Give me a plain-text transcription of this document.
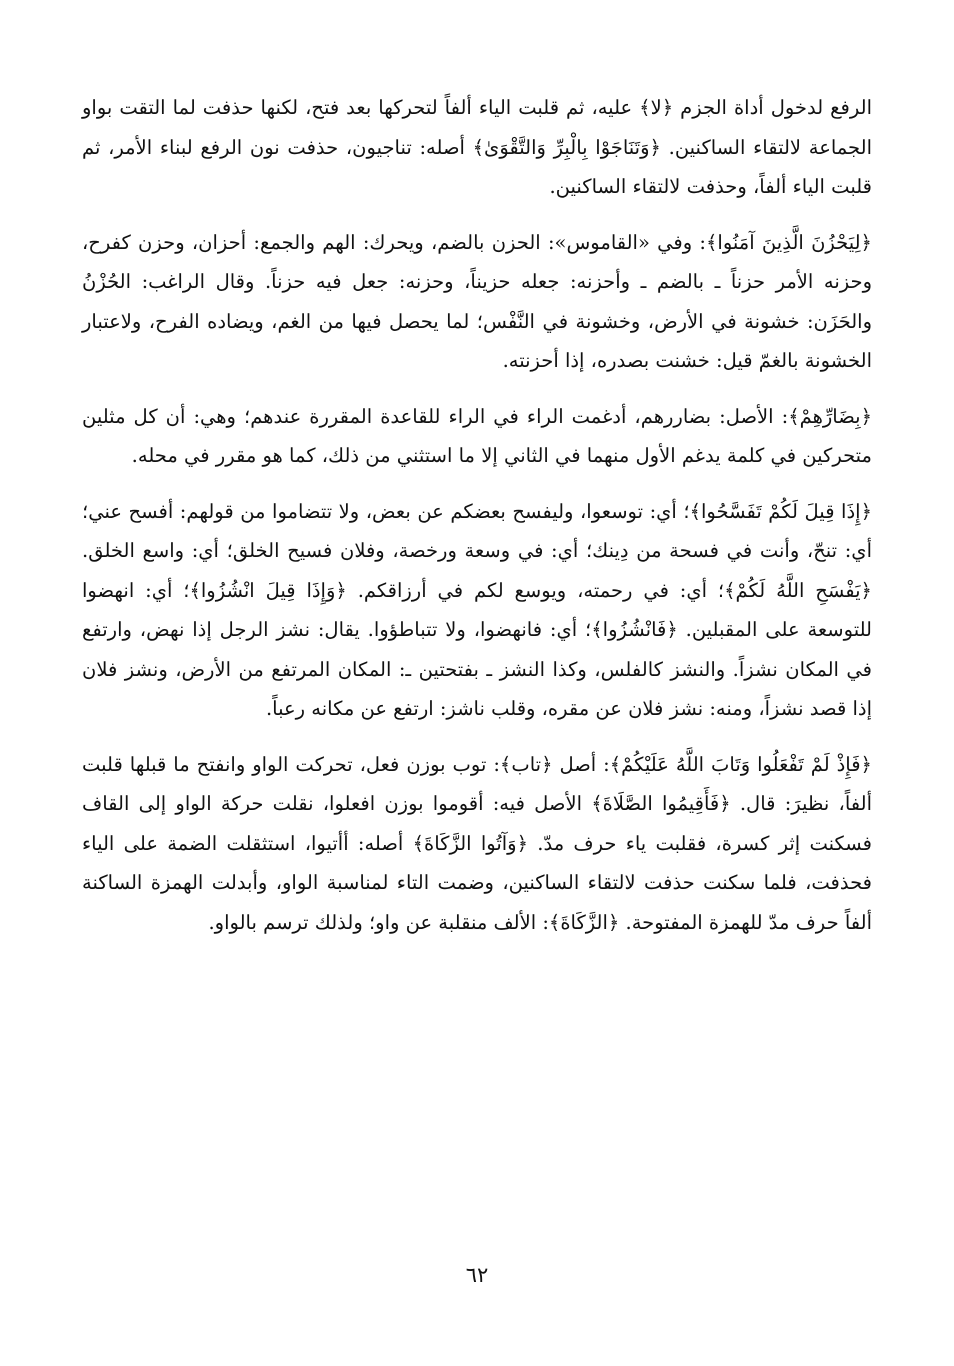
الرفع لدخول أداة الجزم ﴿لا﴾ عليه، ثم قلبت الياء ألفاً لتحركها بعد فتح، لكنها حذفت لما التقت بواو الجماعة لالتقاء الساكنين. ﴿وَتَنَاجَوْا بِالْبِرِّ وَالتَّقْوَىٰ﴾ أصله: تناجيون، حذفت نون الرفع لبناء الأمر، ثم قلبت الياء ألفاً، وحذفت لالتقاء الساكنين.

﴿لِيَحْزُنَ الَّذِينَ آمَنُوا﴾: وفي «القاموس»: الحزن بالضم، ويحرك: الهم والجمع: أحزان، وحزن كفرح، وحزنه الأمر حزناً ـ بالضم ـ وأحزنه: جعله حزيناً، وحزنه: جعل فيه حزناً. وقال الراغب: الحُزْنُ والحَزَن: خشونة في الأرض، وخشونة في النَّفْس؛ لما يحصل فيها من الغم، ويضاده الفرح، ولاعتبار الخشونة بالغمّ قيل: خشنت بصدره، إذا أحزنته.

﴿بِضَارِّهِمْ﴾: الأصل: بضاررهم، أدغمت الراء في الراء للقاعدة المقررة عندهم؛ وهي: أن كل مثلين متحركين في كلمة يدغم الأول منهما في الثاني إلا ما استثني من ذلك، كما هو مقرر في محله.

﴿إِذَا قِيلَ لَكُمْ تَفَسَّحُوا﴾؛ أي: توسعوا، وليفسح بعضكم عن بعض، ولا تتضاموا من قولهم: أفسح عني؛ أي: تنحّ، وأنت في فسحة من دِينك؛ أي: في وسعة ورخصة، وفلان فسيح الخلق؛ أي: واسع الخلق. ﴿يَفْسَحِ اللَّهُ لَكُمْ﴾؛ أي: في رحمته، ويوسع لكم في أرزاقكم. ﴿وَإِذَا قِيلَ انْشُزُوا﴾؛ أي: انهضوا للتوسعة على المقبلين. ﴿فَانْشُزُوا﴾؛ أي: فانهضوا، ولا تتباطؤوا. يقال: نشز الرجل إذا نهض، وارتفع في المكان نشزاً. والنشز كالفلس، وكذا النشز ـ بفتحتين ـ: المكان المرتفع من الأرض، ونشز فلان إذا قصد نشزاً، ومنه: نشز فلان عن مقره، وقلب ناشز: ارتفع عن مكانه رعباً.

﴿فَإِذْ لَمْ تَفْعَلُوا وَتَابَ اللَّهُ عَلَيْكُمْ﴾: أصل ﴿تاب﴾: توب بوزن فعل، تحركت الواو وانفتح ما قبلها قلبت ألفاً، نظيرَ: قال. ﴿فَأَقِيمُوا الصَّلَاةَ﴾ الأصل فيه: أقوموا بوزن افعلوا، نقلت حركة الواو إلى القاف فسكنت إثر كسرة، فقلبت ياء حرف مدّ. ﴿وَآتُوا الزَّكَاةَ﴾ أصله: أأتيوا، استثقلت الضمة على الياء فحذفت، فلما سكنت حذفت لالتقاء الساكنين، وضمت التاء لمناسبة الواو، وأبدلت الهمزة الساكنة ألفاً حرف مدّ للهمزة المفتوحة. ﴿الزَّكَاةَ﴾: الألف منقلبة عن واو؛ ولذلك ترسم بالواو.

٦٢
